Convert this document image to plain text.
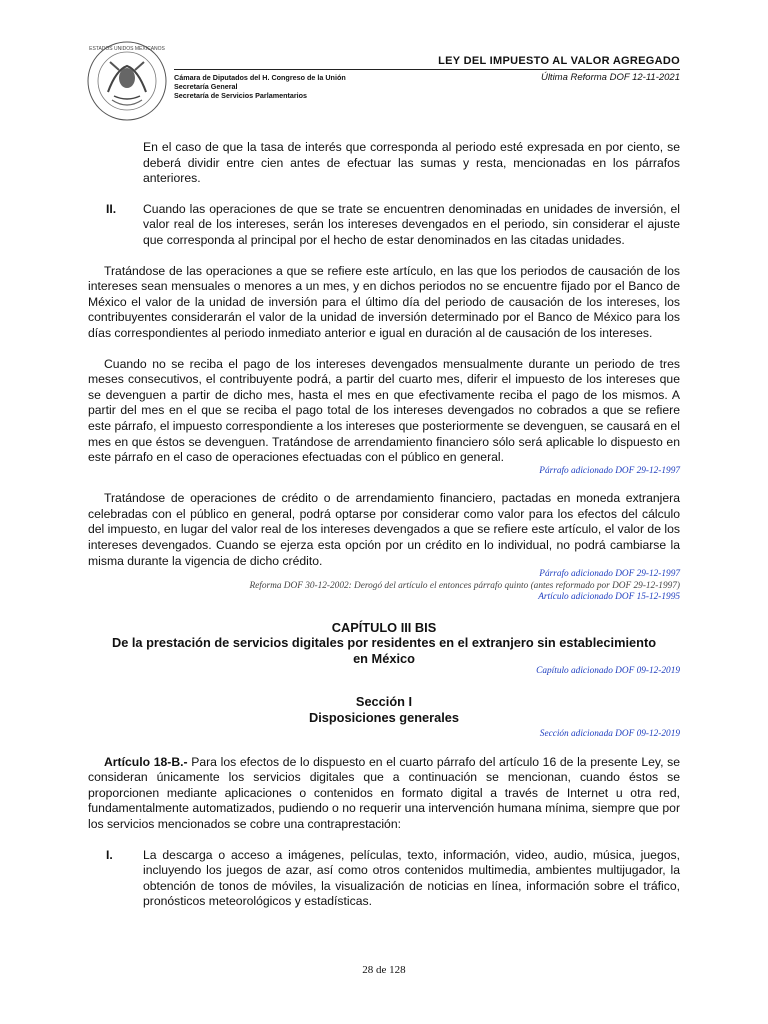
ESTADOS UNIDOS MEXICANOS
LEY DEL IMPUESTO AL VALOR AGREGADO
Última Reforma DOF 12-11-2021
Cámara de Diputados del H. Congreso de la Unión
Secretaría General
Secretaría de Servicios Parlamentarios

En el caso de que la tasa de interés que corresponda al periodo esté expresada en por ciento, se deberá dividir entre cien antes de efectuar las sumas y resta, mencionadas en los párrafos anteriores.

II. Cuando las operaciones de que se trate se encuentren denominadas en unidades de inversión, el valor real de los intereses, serán los intereses devengados en el periodo, sin considerar el ajuste que corresponda al principal por el hecho de estar denominados en las citadas unidades.

Tratándose de las operaciones a que se refiere este artículo, en las que los periodos de causación de los intereses sean mensuales o menores a un mes, y en dichos periodos no se encuentre fijado por el Banco de México el valor de la unidad de inversión para el último día del periodo de causación de los intereses, los contribuyentes considerarán el valor de la unidad de inversión determinado por el Banco de México para los días correspondientes al periodo inmediato anterior e igual en duración al de causación de los intereses.

Cuando no se reciba el pago de los intereses devengados mensualmente durante un periodo de tres meses consecutivos, el contribuyente podrá, a partir del cuarto mes, diferir el impuesto de los intereses que se devenguen a partir de dicho mes, hasta el mes en que efectivamente reciba el pago de los mismos. A partir del mes en el que se reciba el pago total de los intereses devengados no cobrados a que se refiere este párrafo, el impuesto correspondiente a los intereses que posteriormente se devenguen, se causará en el mes en que éstos se devenguen. Tratándose de arrendamiento financiero sólo será aplicable lo dispuesto en este párrafo en el caso de operaciones efectuadas con el público en general.

Párrafo adicionado DOF 29-12-1997

Tratándose de operaciones de crédito o de arrendamiento financiero, pactadas en moneda extranjera celebradas con el público en general, podrá optarse por considerar como valor para los efectos del cálculo del impuesto, en lugar del valor real de los intereses devengados a que se refiere este artículo, el valor de los intereses devengados. Cuando se ejerza esta opción por un crédito en lo individual, no podrá cambiarse la misma durante la vigencia de dicho crédito.

Párrafo adicionado DOF 29-12-1997
Reforma DOF 30-12-2002: Derogó del artículo el entonces párrafo quinto (antes reformado por DOF 29-12-1997)
Artículo adicionado DOF 15-12-1995
CAPÍTULO III BIS
De la prestación de servicios digitales por residentes en el extranjero sin establecimiento en México
Capítulo adicionado DOF 09-12-2019
Sección I
Disposiciones generales
Sección adicionada DOF 09-12-2019

Artículo 18-B.- Para los efectos de lo dispuesto en el cuarto párrafo del artículo 16 de la presente Ley, se consideran únicamente los servicios digitales que a continuación se mencionan, cuando éstos se proporcionen mediante aplicaciones o contenidos en formato digital a través de Internet u otra red, fundamentalmente automatizados, pudiendo o no requerir una intervención humana mínima, siempre que por los servicios mencionados se cobre una contraprestación:

I. La descarga o acceso a imágenes, películas, texto, información, video, audio, música, juegos, incluyendo los juegos de azar, así como otros contenidos multimedia, ambientes multijugador, la obtención de tonos de móviles, la visualización de noticias en línea, información sobre el tráfico, pronósticos meteorológicos y estadísticas.
28 de 128
